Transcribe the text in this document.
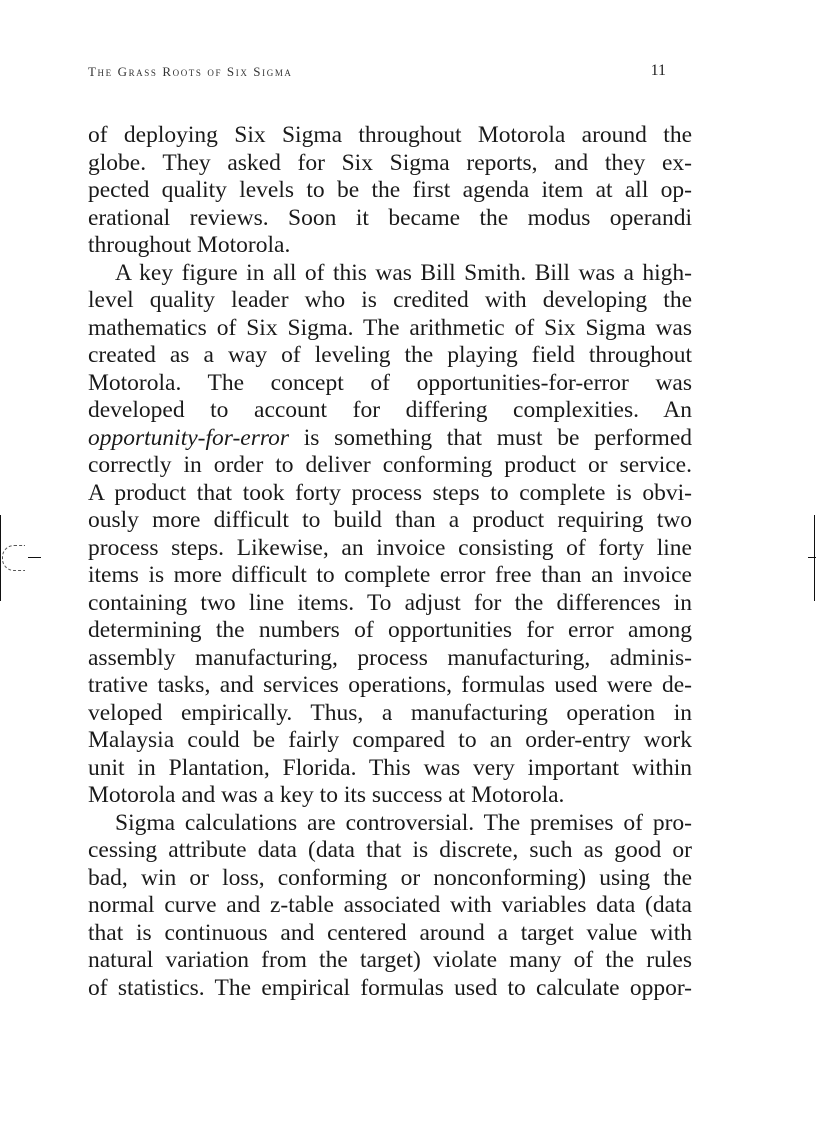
The Grass Roots of Six Sigma	11
of deploying Six Sigma throughout Motorola around the
globe. They asked for Six Sigma reports, and they ex-
pected quality levels to be the first agenda item at all op-
erational reviews. Soon it became the modus operandi
throughout Motorola.
A key figure in all of this was Bill Smith. Bill was a high-
level quality leader who is credited with developing the
mathematics of Six Sigma. The arithmetic of Six Sigma was
created as a way of leveling the playing field throughout
Motorola. The concept of opportunities-for-error was
developed to account for differing complexities. An
opportunity-for-error is something that must be performed
correctly in order to deliver conforming product or service.
A product that took forty process steps to complete is obvi-
ously more difficult to build than a product requiring two
process steps. Likewise, an invoice consisting of forty line
items is more difficult to complete error free than an invoice
containing two line items. To adjust for the differences in
determining the numbers of opportunities for error among
assembly manufacturing, process manufacturing, adminis-
trative tasks, and services operations, formulas used were de-
veloped empirically. Thus, a manufacturing operation in
Malaysia could be fairly compared to an order-entry work
unit in Plantation, Florida. This was very important within
Motorola and was a key to its success at Motorola.
Sigma calculations are controversial. The premises of pro-
cessing attribute data (data that is discrete, such as good or
bad, win or loss, conforming or nonconforming) using the
normal curve and z-table associated with variables data (data
that is continuous and centered around a target value with
natural variation from the target) violate many of the rules
of statistics. The empirical formulas used to calculate oppor-
